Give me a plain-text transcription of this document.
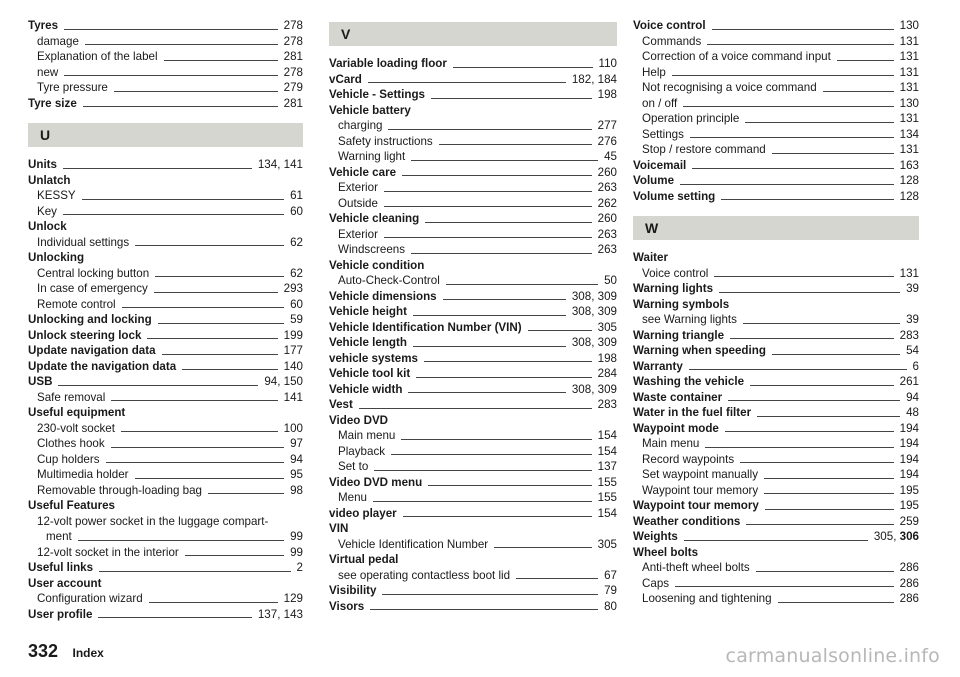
Tyres	278
damage	278
Explanation of the label	281
new	278
Tyre pressure	279
Tyre size	281
U
Units	134, 141
Unlatch
KESSY	61
Key	60
Unlock
Individual settings	62
Unlocking
Central locking button	62
In case of emergency	293
Remote control	60
Unlocking and locking	59
Unlock steering lock	199
Update navigation data	177
Update the navigation data	140
USB	94, 150
Safe removal	141
Useful equipment
230-volt socket	100
Clothes hook	97
Cup holders	94
Multimedia holder	95
Removable through-loading bag	98
Useful Features
12-volt power socket in the luggage compart-
ment	99
12-volt socket in the interior	99
Useful links	2
User account
Configuration wizard	129
User profile	137, 143
V
Variable loading floor	110
vCard	182, 184
Vehicle - Settings	198
Vehicle battery
charging	277
Safety instructions	276
Warning light	45
Vehicle care	260
Exterior	263
Outside	262
Vehicle cleaning	260
Exterior	263
Windscreens	263
Vehicle condition
Auto-Check-Control	50
Vehicle dimensions	308, 309
Vehicle height	308, 309
Vehicle Identification Number (VIN)	305
Vehicle length	308, 309
vehicle systems	198
Vehicle tool kit	284
Vehicle width	308, 309
Vest	283
Video DVD
Main menu	154
Playback	154
Set to	137
Video DVD menu	155
Menu	155
video player	154
VIN
Vehicle Identification Number	305
Virtual pedal
see operating contactless boot lid	67
Visibility	79
Visors	80
Voice control	130
Commands	131
Correction of a voice command input	131
Help	131
Not recognising a voice command	131
on / off	130
Operation principle	131
Settings	134
Stop / restore command	131
Voicemail	163
Volume	128
Volume setting	128
W
Waiter
Voice control	131
Warning lights	39
Warning symbols
see Warning lights	39
Warning triangle	283
Warning when speeding	54
Warranty	6
Washing the vehicle	261
Waste container	94
Water in the fuel filter	48
Waypoint mode	194
Main menu	194
Record waypoints	194
Set waypoint manually	194
Waypoint tour memory	195
Waypoint tour memory	195
Weather conditions	259
Weights	305, 306
Wheel bolts
Anti-theft wheel bolts	286
Caps	286
Loosening and tightening	286
332 Index	carmanualsonline.info
